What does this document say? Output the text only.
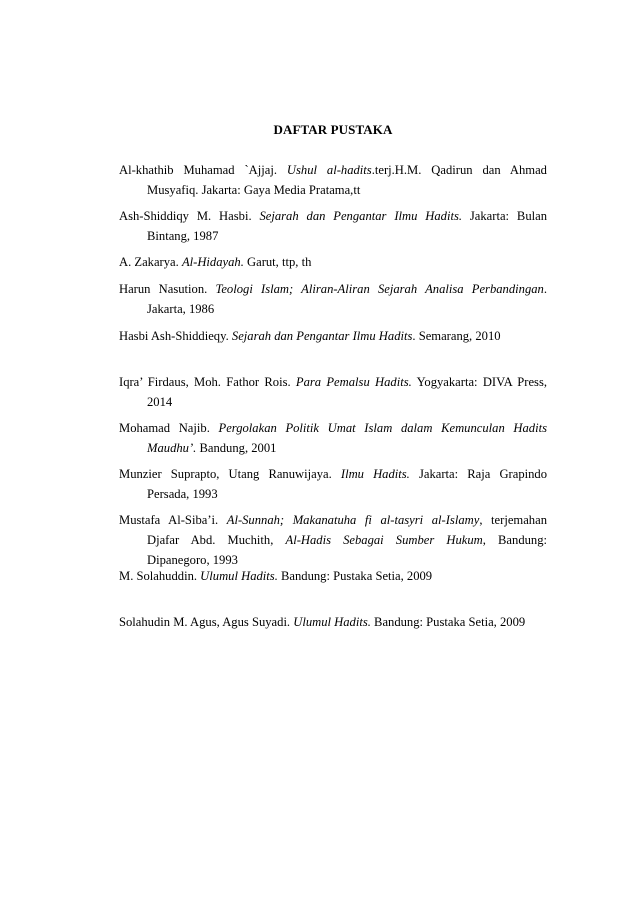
DAFTAR PUSTAKA
Al-khathib Muhamad `Ajjaj. Ushul al-hadits.terj.H.M. Qadirun dan Ahmad
Musyafiq. Jakarta: Gaya Media Pratama,tt
Ash-Shiddiqy M. Hasbi. Sejarah dan Pengantar Ilmu Hadits. Jakarta: Bulan
Bintang, 1987
A. Zakarya. Al-Hidayah. Garut, ttp, th
Harun Nasution. Teologi Islam; Aliran-Aliran Sejarah Analisa Perbandingan.
Jakarta, 1986
Hasbi Ash-Shiddieqy. Sejarah dan Pengantar Ilmu Hadits. Semarang, 2010
Iqra’ Firdaus, Moh. Fathor Rois. Para Pemalsu Hadits. Yogyakarta: DIVA Press,
2014
Mohamad Najib. Pergolakan Politik Umat Islam dalam Kemunculan Hadits
Maudhu’. Bandung, 2001
Munzier Suprapto, Utang Ranuwijaya. Ilmu Hadits. Jakarta: Raja Grapindo
Persada, 1993
Mustafa Al-Siba’i. Al-Sunnah; Makanatuha fi al-tasyri al-Islamy, terjemahan
Djafar Abd. Muchith, Al-Hadis Sebagai Sumber Hukum, Bandung:
Dipanegoro, 1993
M. Solahuddin. Ulumul Hadits. Bandung: Pustaka Setia, 2009
Solahudin M. Agus, Agus Suyadi. Ulumul Hadits. Bandung: Pustaka Setia, 2009
